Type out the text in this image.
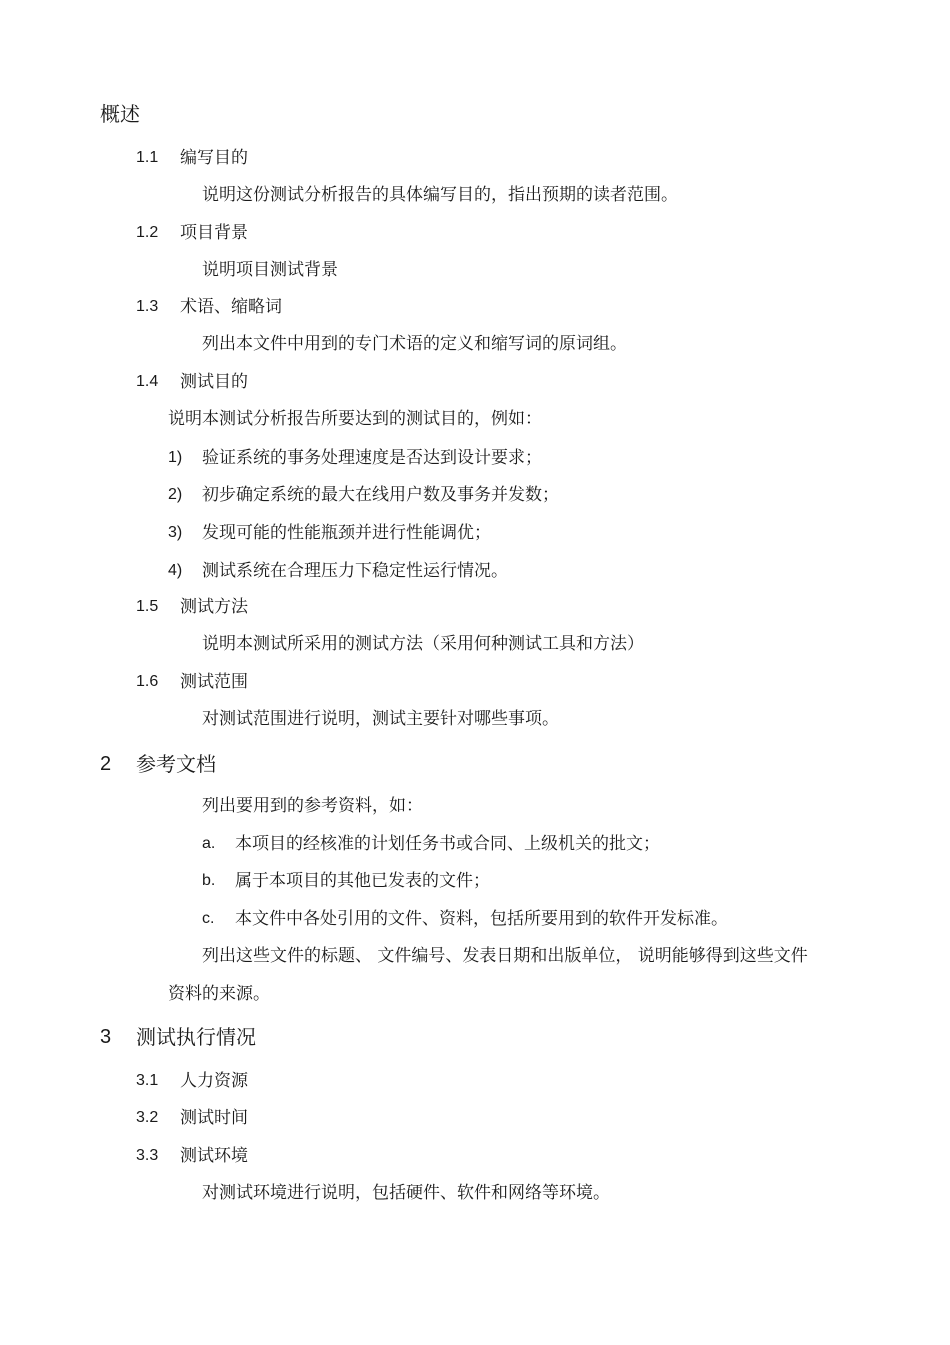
概述
1.1 编写目的
说明这份测试分析报告的具体编写目的，指出预期的读者范围。
1.2 项目背景
说明项目测试背景
1.3 术语、缩略词
列出本文件中用到的专门术语的定义和缩写词的原词组。
1.4 测试目的
说明本测试分析报告所要达到的测试目的，例如：
1) 验证系统的事务处理速度是否达到设计要求；
2) 初步确定系统的最大在线用户数及事务并发数；
3) 发现可能的性能瓶颈并进行性能调优；
4) 测试系统在合理压力下稳定性运行情况。
1.5 测试方法
说明本测试所采用的测试方法（采用何种测试工具和方法）
1.6 测试范围
对测试范围进行说明，测试主要针对哪些事项。
2 参考文档
列出要用到的参考资料，如：
a. 本项目的经核准的计划任务书或合同、上级机关的批文；
b. 属于本项目的其他已发表的文件；
c. 本文件中各处引用的文件、资料，包括所要用到的软件开发标准。
列出这些文件的标题、 文件编号、发表日期和出版单位， 说明能够得到这些文件
资料的来源。
3 测试执行情况
3.1 人力资源
3.2 测试时间
3.3 测试环境
对测试环境进行说明，包括硬件、软件和网络等环境。
